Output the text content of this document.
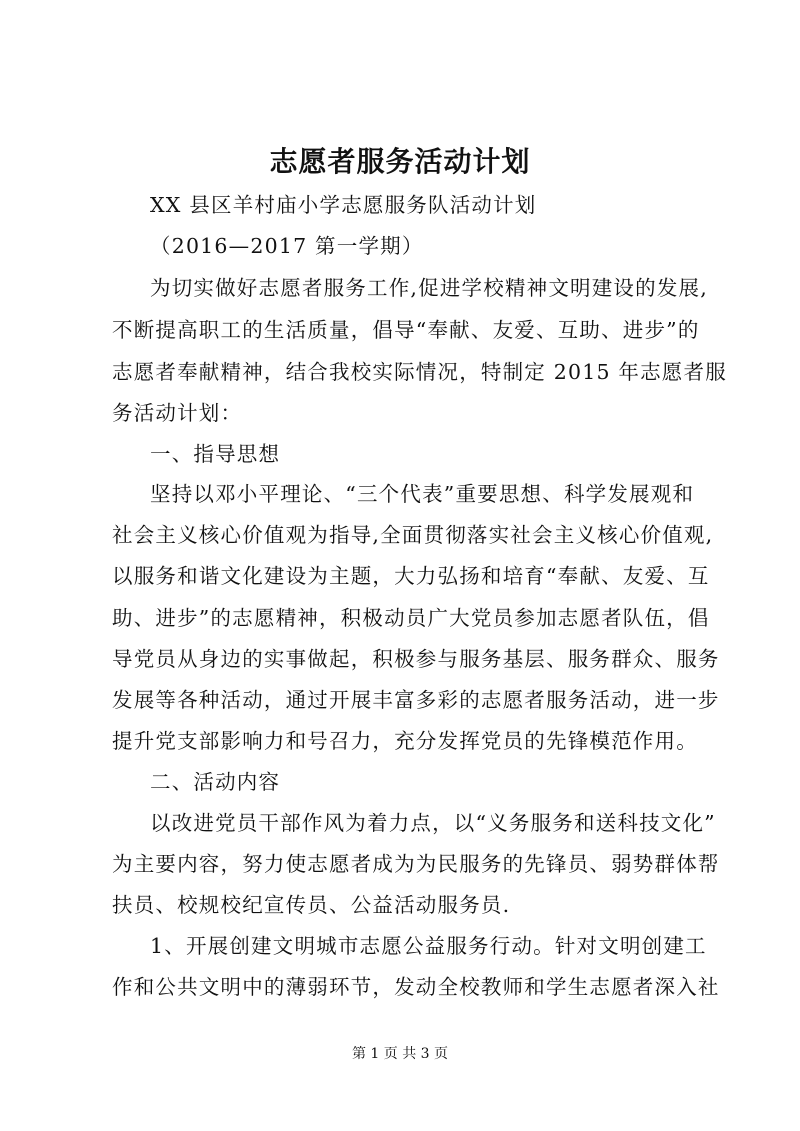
志愿者服务活动计划
XX 县区羊村庙小学志愿服务队活动计划
（2016—2017 第一学期）
为切实做好志愿者服务工作,促进学校精神文明建设的发展,
不断提高职工的生活质量，倡导“奉献、友爱、互助、进步”的
志愿者奉献精神，结合我校实际情况，特制定 2015 年志愿者服
务活动计划：
一、指导思想
坚持以邓小平理论、“三个代表”重要思想、科学发展观和
社会主义核心价值观为指导,全面贯彻落实社会主义核心价值观,
以服务和谐文化建设为主题，大力弘扬和培育“奉献、友爱、互
助、进步”的志愿精神，积极动员广大党员参加志愿者队伍，倡
导党员从身边的实事做起，积极参与服务基层、服务群众、服务
发展等各种活动，通过开展丰富多彩的志愿者服务活动，进一步
提升党支部影响力和号召力，充分发挥党员的先锋模范作用。
二、活动内容
以改进党员干部作风为着力点，以“义务服务和送科技文化”
为主要内容，努力使志愿者成为为民服务的先锋员、弱势群体帮
扶员、校规校纪宣传员、公益活动服务员.
1、开展创建文明城市志愿公益服务行动。针对文明创建工
作和公共文明中的薄弱环节，发动全校教师和学生志愿者深入社
第 1 页 共 3 页
